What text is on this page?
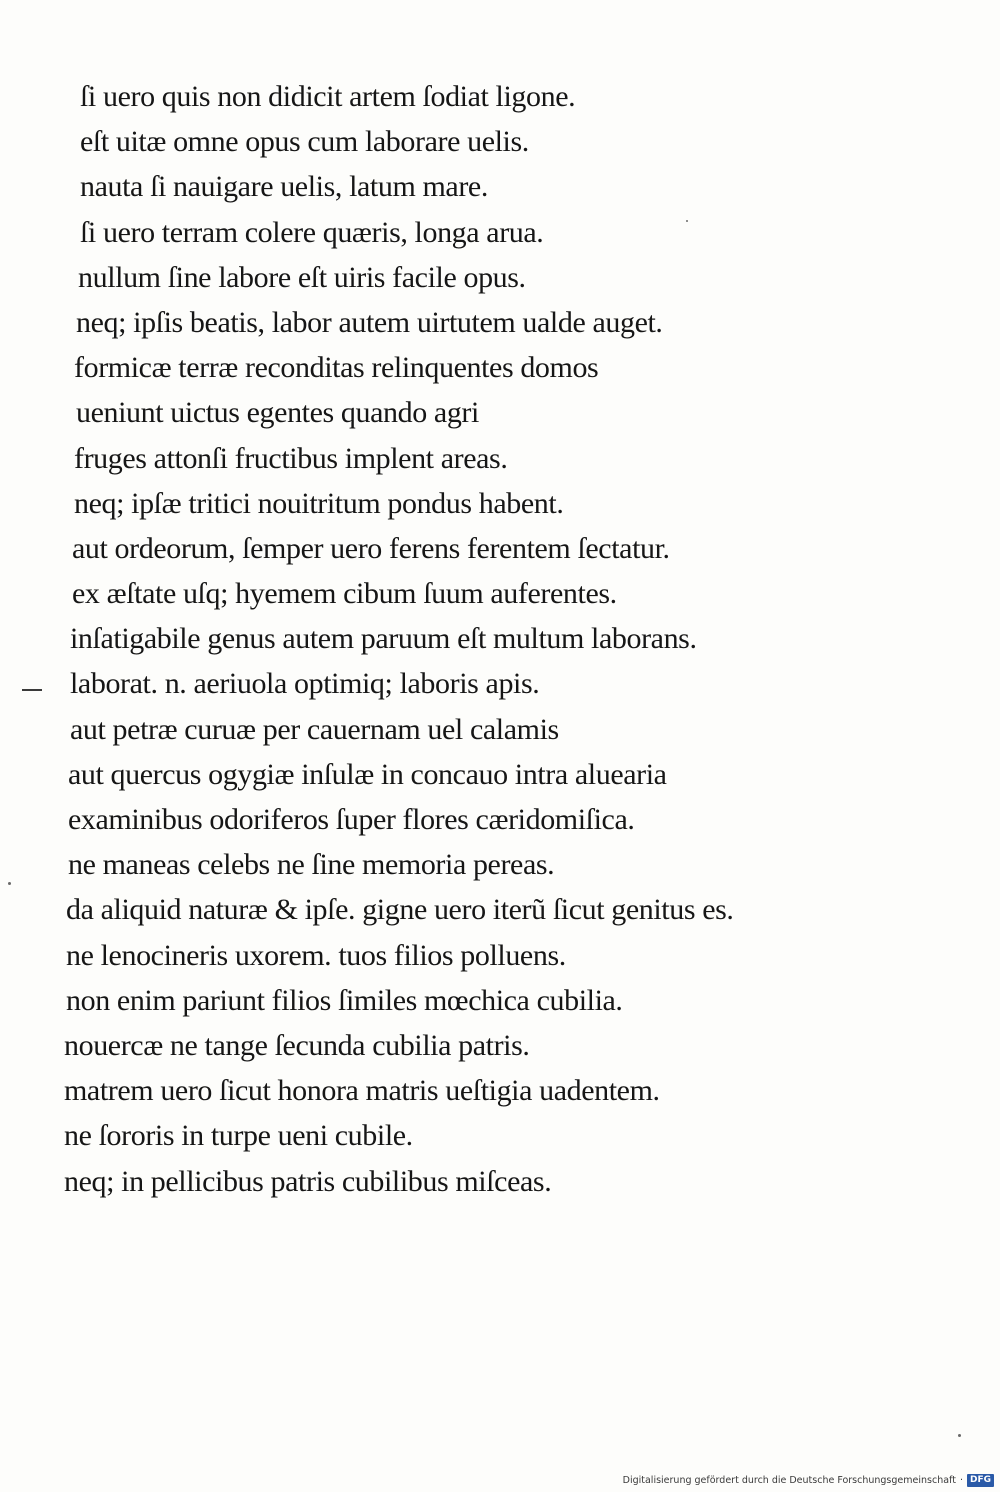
ſi uero quis non didicit artem ſodiat ligone.
eſt uitæ omne opus cum laborare uelis.
nauta ſi nauigare uelis, latum mare.
ſi uero terram colere quæris, longa arua.
nullum ſine labore eſt uiris facile opus.
neq; ipſis beatis, labor autem uirtutem ualde auget.
formicæ terræ reconditas relinquentes domos
ueniunt uictus egentes quando agri
fruges attonſi fructibus implent areas.
neq; ipſæ tritici nouitritum pondus habent.
aut ordeorum, ſemper uero ferens ferentem ſectatur.
ex æſtate uſq; hyemem cibum ſuum auferentes.
inſatigabile genus autem paruum eſt multum laborans.
laborat. n. aeriuola optimiq; laboris apis.
aut petræ curuæ per cauernam uel calamis
aut quercus ogygiæ inſulæ in concauo intra aluearia
examinibus odoriferos ſuper flores cæridomiſica.
ne maneas celebs ne ſine memoria pereas.
da aliquid naturæ & ipſe. gigne uero iterũ ſicut genitus es.
ne lenocineris uxorem. tuos filios polluens.
non enim pariunt filios ſimiles mœchica cubilia.
nouercæ ne tange ſecunda cubilia patris.
matrem uero ſicut honora matris ueſtigia uadentem.
ne ſororis in turpe ueni cubile.
neq; in pellicibus patris cubilibus miſceas.
Digitalisierung gefördert durch die Deutsche Forschungsgemeinschaft · DFG
